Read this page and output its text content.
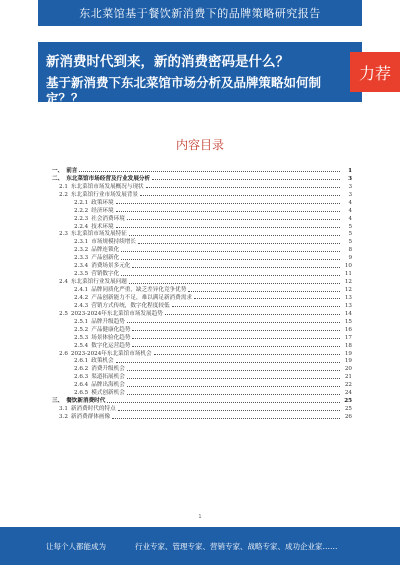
东北菜馆基于餐饮新消费下的品牌策略研究报告
新消费时代到来，新的消费密码是什么？
基于新消费下东北菜馆市场分析及品牌策略如何制定？？
力荐
内容目录
一、 前言	1
二、 东北菜馆市场经营及行业发展分析	3
2.1 东北菜馆市场发展概况与现状	3
2.2 东北菜馆行业市场发展背景	3
2.2.1 政策环境	4
2.2.2 经济环境	4
2.2.3 社会消费环境	4
2.2.4 技术环境	5
2.3 东北菜馆市场发展特征	5
2.3.1 市场规模持续增长	5
2.3.2 品牌连锁化	8
2.3.3 产品创新化	9
2.3.4 消费场景多元化	10
2.3.5 营销数字化	11
2.4 东北菜馆行业发展问题	12
2.4.1 品牌同质化严重，缺乏差异化竞争优势	12
2.4.2 产品创新能力不足，难以满足新消费需求	13
2.4.3 营销方式传统，数字化程度较低	13
2.5 2023-2024年东北菜馆市场发展趋势	14
2.5.1 品牌升级趋势	15
2.5.2 产品健康化趋势	16
2.5.3 场景体验化趋势	17
2.5.4 数字化运营趋势	18
2.6 2023-2024年东北菜馆市场机会	19
2.6.1 政策机会	19
2.6.2 消费升级机会	20
2.6.3 渠道拓展机会	21
2.6.4 品牌出海机会	22
2.6.5 模式创新机会	24
三、 餐饮新消费时代	25
3.1 新消费时代的特点	25
3.2 新消费群体画像	26
1
让每个人都能成为	行业专家、管理专家、营销专家、战略专家、成功企业家……
